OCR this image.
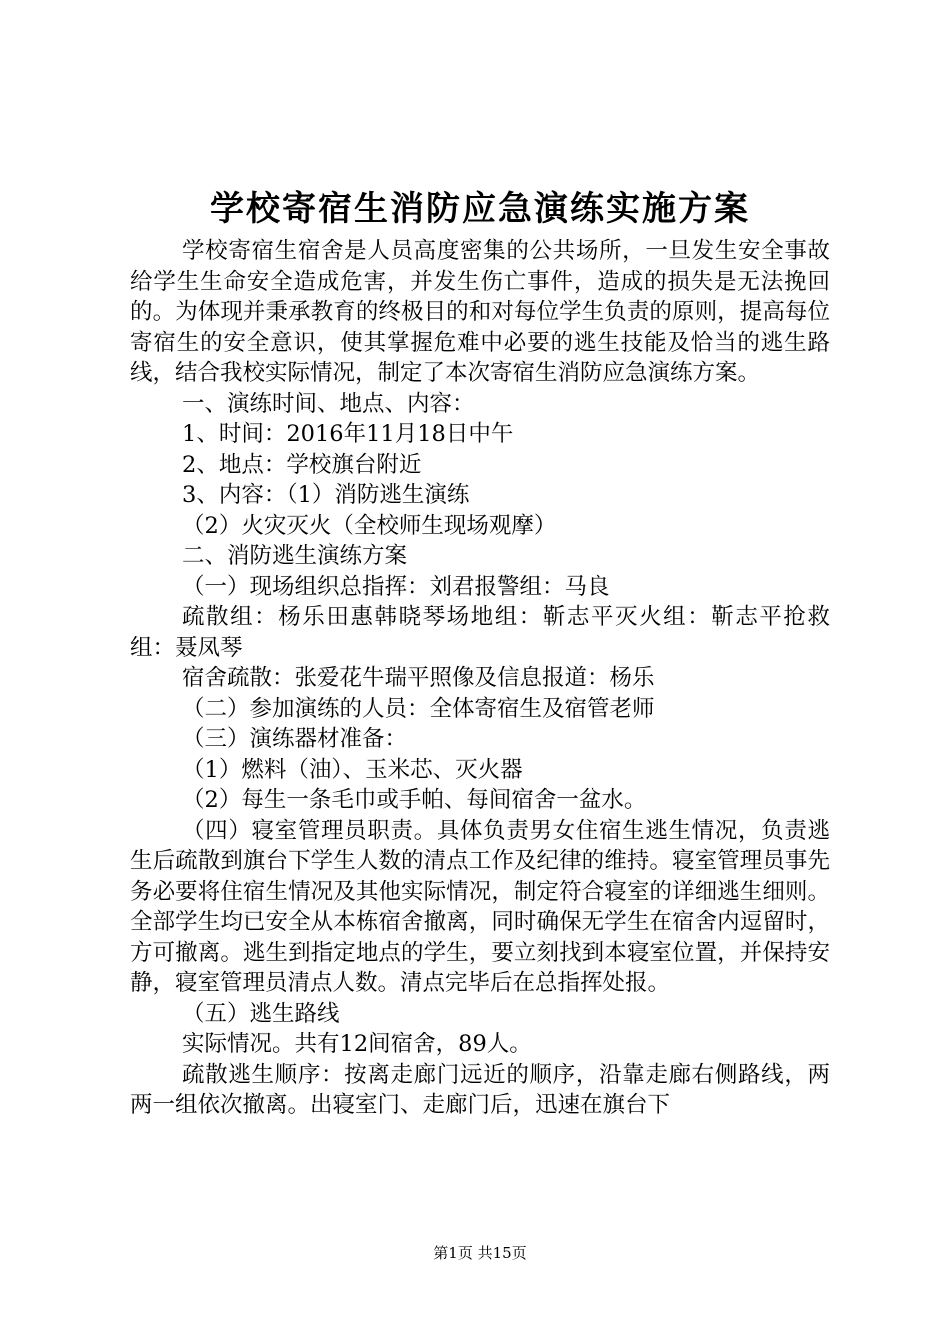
学校寄宿生消防应急演练实施方案

学校寄宿生宿舍是人员高度密集的公共场所，一旦发生安全事故给学生生命安全造成危害，并发生伤亡事件，造成的损失是无法挽回的。为体现并秉承教育的终极目的和对每位学生负责的原则，提高每位寄宿生的安全意识，使其掌握危难中必要的逃生技能及恰当的逃生路线，结合我校实际情况，制定了本次寄宿生消防应急演练方案。

一、演练时间、地点、内容：

1、时间：2016年11月18日中午

2、地点：学校旗台附近

3、内容：（1）消防逃生演练

（2）火灾灭火（全校师生现场观摩）

二、消防逃生演练方案

（一）现场组织总指挥：刘君报警组：马良

疏散组：杨乐田惠韩晓琴场地组：靳志平灭火组：靳志平抢救组：聂凤琴

宿舍疏散：张爱花牛瑞平照像及信息报道：杨乐

（二）参加演练的人员：全体寄宿生及宿管老师

（三）演练器材准备：

（1）燃料（油）、玉米芯、灭火器

（2）每生一条毛巾或手帕、每间宿舍一盆水。

（四）寝室管理员职责。具体负责男女住宿生逃生情况，负责逃生后疏散到旗台下学生人数的清点工作及纪律的维持。寝室管理员事先务必要将住宿生情况及其他实际情况，制定符合寝室的详细逃生细则。全部学生均已安全从本栋宿舍撤离，同时确保无学生在宿舍内逗留时，方可撤离。逃生到指定地点的学生，要立刻找到本寝室位置，并保持安静，寝室管理员清点人数。清点完毕后在总指挥处报。

（五）逃生路线

实际情况。共有12间宿舍，89人。

疏散逃生顺序：按离走廊门远近的顺序，沿靠走廊右侧路线，两两一组依次撤离。出寝室门、走廊门后，迅速在旗台下

第1页 共15页
